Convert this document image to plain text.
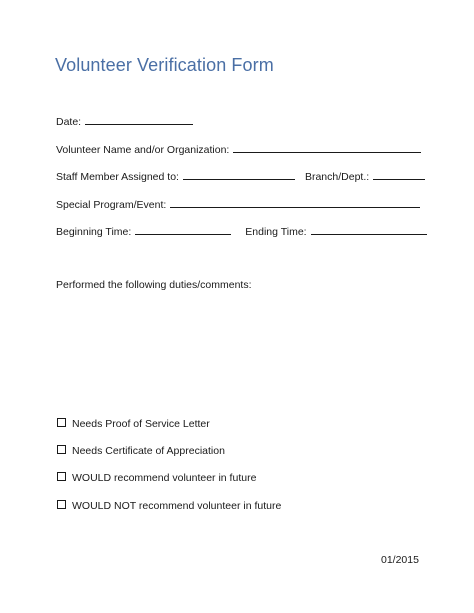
Volunteer Verification Form
Date:
Volunteer Name and/or Organization:
Staff Member Assigned to:	Branch/Dept.:
Special Program/Event:
Beginning Time:	Ending Time:
Performed the following duties/comments:
Needs Proof of Service Letter
Needs Certificate of Appreciation
WOULD recommend volunteer in future
WOULD NOT recommend volunteer in future
01/2015
